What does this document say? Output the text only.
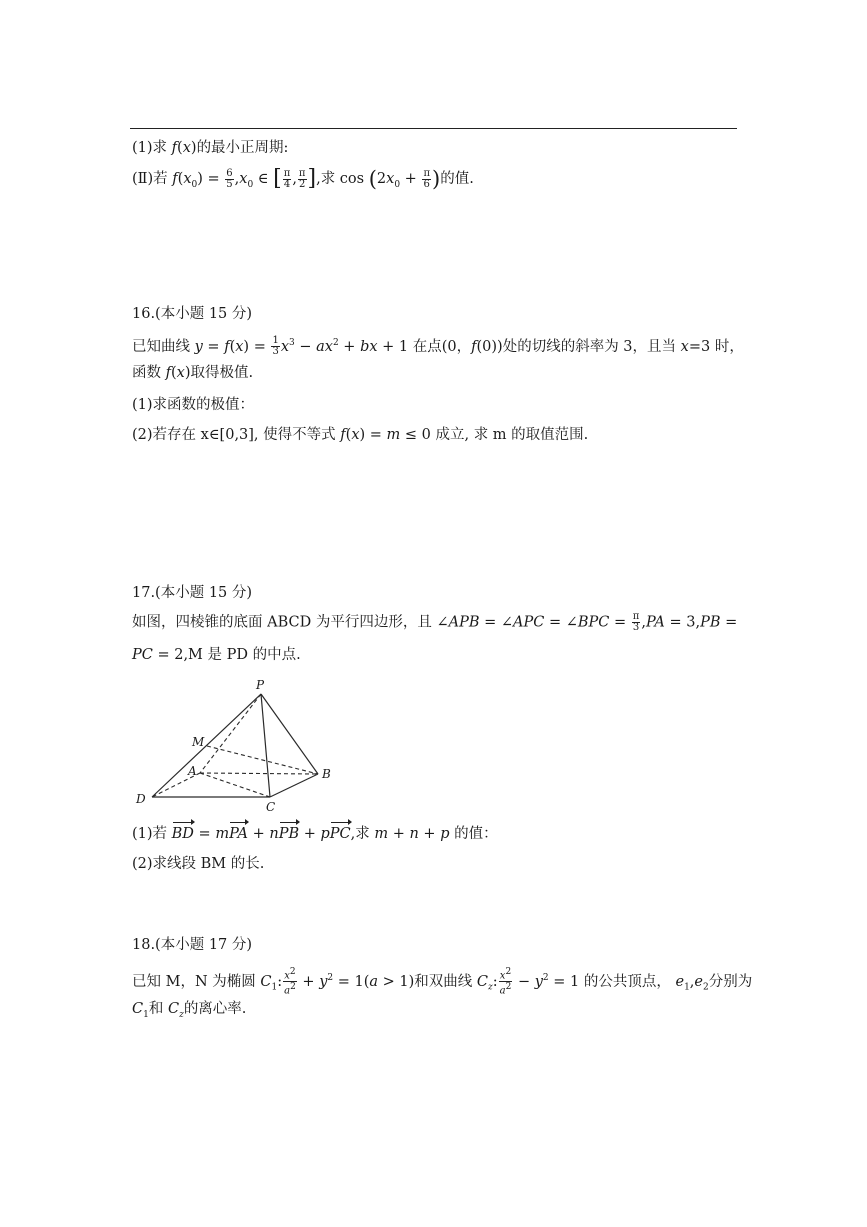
(1)求 f(x)的最小正周期:
(Ⅱ)若 $f(x_0) = \frac{6}{5} ,x_0$ ∈ [ $\frac{\pi}{4}$ , $\frac{\pi}{2}$ ],求 $\cos (2x_0 + \frac{\pi}{6}$ )的值.
16.(本小题 15 分)
已知曲线 $y = f(x) = \frac{1}{3} x^3 - ax^2$ + bx + 1 在点(0，f(0))处的切线的斜率为 3，且当 x=3 时，
函数 f(x)取得极值.
(1)求函数的极值：
(2)若存在 x∈[0,3], 使得不等式 f(x) = m ≤ 0 成立, 求 m 的取值范围.
17.(本小题 15 分)
如图，四棱锥的底面 ABCD 为平行四边形，且 ∠APB = ∠APC = ∠BPC = $\frac{\pi}{3} ,PA = 3,PB$ =
PC = 2,M 是 PD 的中点.
P
M
A	B
D
C
(1)若 BD = mPA + nPB + pPC,求 m + n + p 的值：
(2)求线段 BM 的长.
18.(本小题 17 分)
已知 M，N 为椭圆 $C_1$: $\frac{x^2}{a^2} + y^2 = 1(a > 1)$和双曲线 $C_z$: $\frac{x^2}{a^2} - y^2 = 1$ 的公共顶点， $e_1,e_2$分别为
$C_1$和 $C_z$的离心率.
